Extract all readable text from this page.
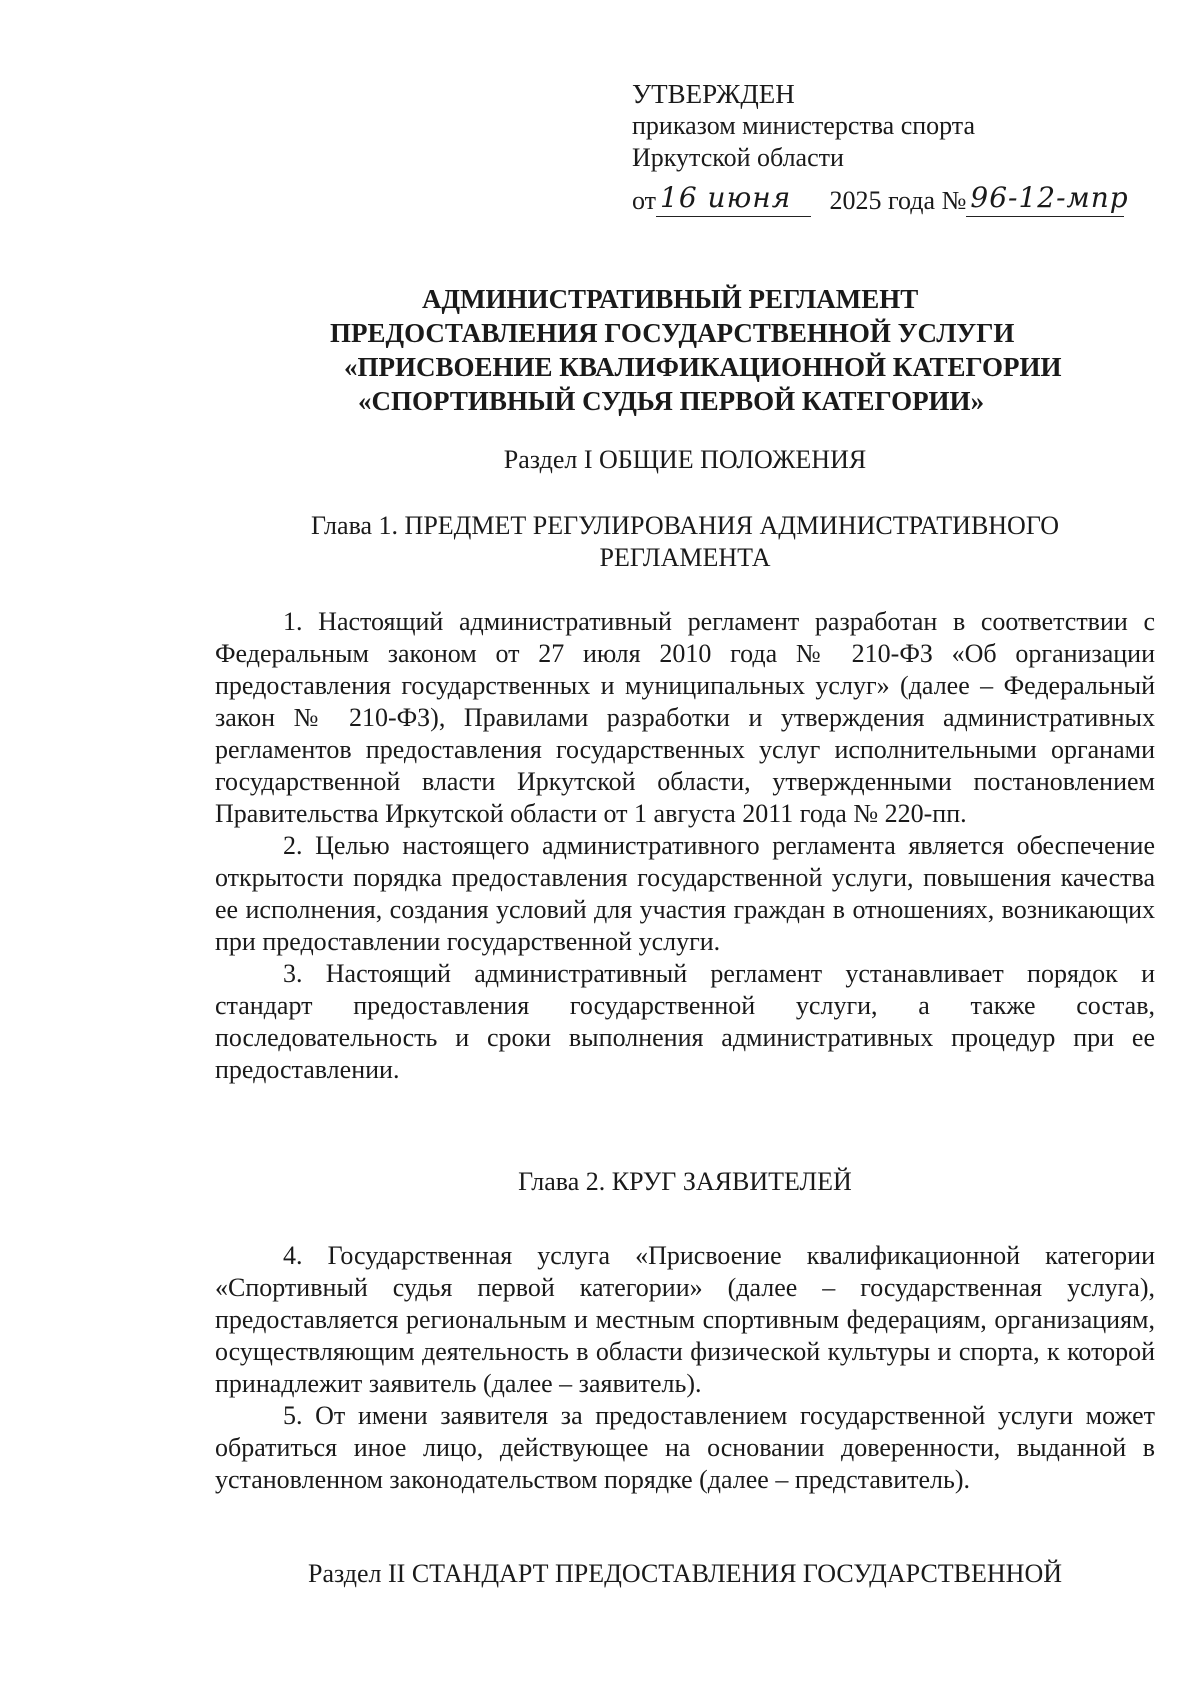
УТВЕРЖДЕН
приказом министерства спорта
Иркутской области
от 16 июня 2025 года № 96-12-мпр
АДМИНИСТРАТИВНЫЙ РЕГЛАМЕНТ
ПРЕДОСТАВЛЕНИЯ ГОСУДАРСТВЕННОЙ УСЛУГИ
«ПРИСВОЕНИЕ КВАЛИФИКАЦИОННОЙ КАТЕГОРИИ
«СПОРТИВНЫЙ СУДЬЯ ПЕРВОЙ КАТЕГОРИИ»
Раздел I ОБЩИЕ ПОЛОЖЕНИЯ
Глава 1. ПРЕДМЕТ РЕГУЛИРОВАНИЯ АДМИНИСТРАТИВНОГО
РЕГЛАМЕНТА

1. Настоящий административный регламент разработан в соответствии с Федеральным законом от 27 июля 2010 года № 210-ФЗ «Об организации предоставления государственных и муниципальных услуг» (далее – Федеральный закон № 210-ФЗ), Правилами разработки и утверждения административных регламентов предоставления государственных услуг исполнительными органами государственной власти Иркутской области, утвержденными постановлением Правительства Иркутской области от 1 августа 2011 года № 220-пп.

2. Целью настоящего административного регламента является обеспечение открытости порядка предоставления государственной услуги, повышения качества ее исполнения, создания условий для участия граждан в отношениях, возникающих при предоставлении государственной услуги.

3. Настоящий административный регламент устанавливает порядок и стандарт предоставления государственной услуги, а также состав, последовательность и сроки выполнения административных процедур при ее предоставлении.

Глава 2. КРУГ ЗАЯВИТЕЛЕЙ

4. Государственная услуга «Присвоение квалификационной категории «Спортивный судья первой категории» (далее – государственная услуга), предоставляется региональным и местным спортивным федерациям, организациям, осуществляющим деятельность в области физической культуры и спорта, к которой принадлежит заявитель (далее – заявитель).

5. От имени заявителя за предоставлением государственной услуги может обратиться иное лицо, действующее на основании доверенности, выданной в установленном законодательством порядке (далее – представитель).

Раздел II СТАНДАРТ ПРЕДОСТАВЛЕНИЯ ГОСУДАРСТВЕННОЙ
